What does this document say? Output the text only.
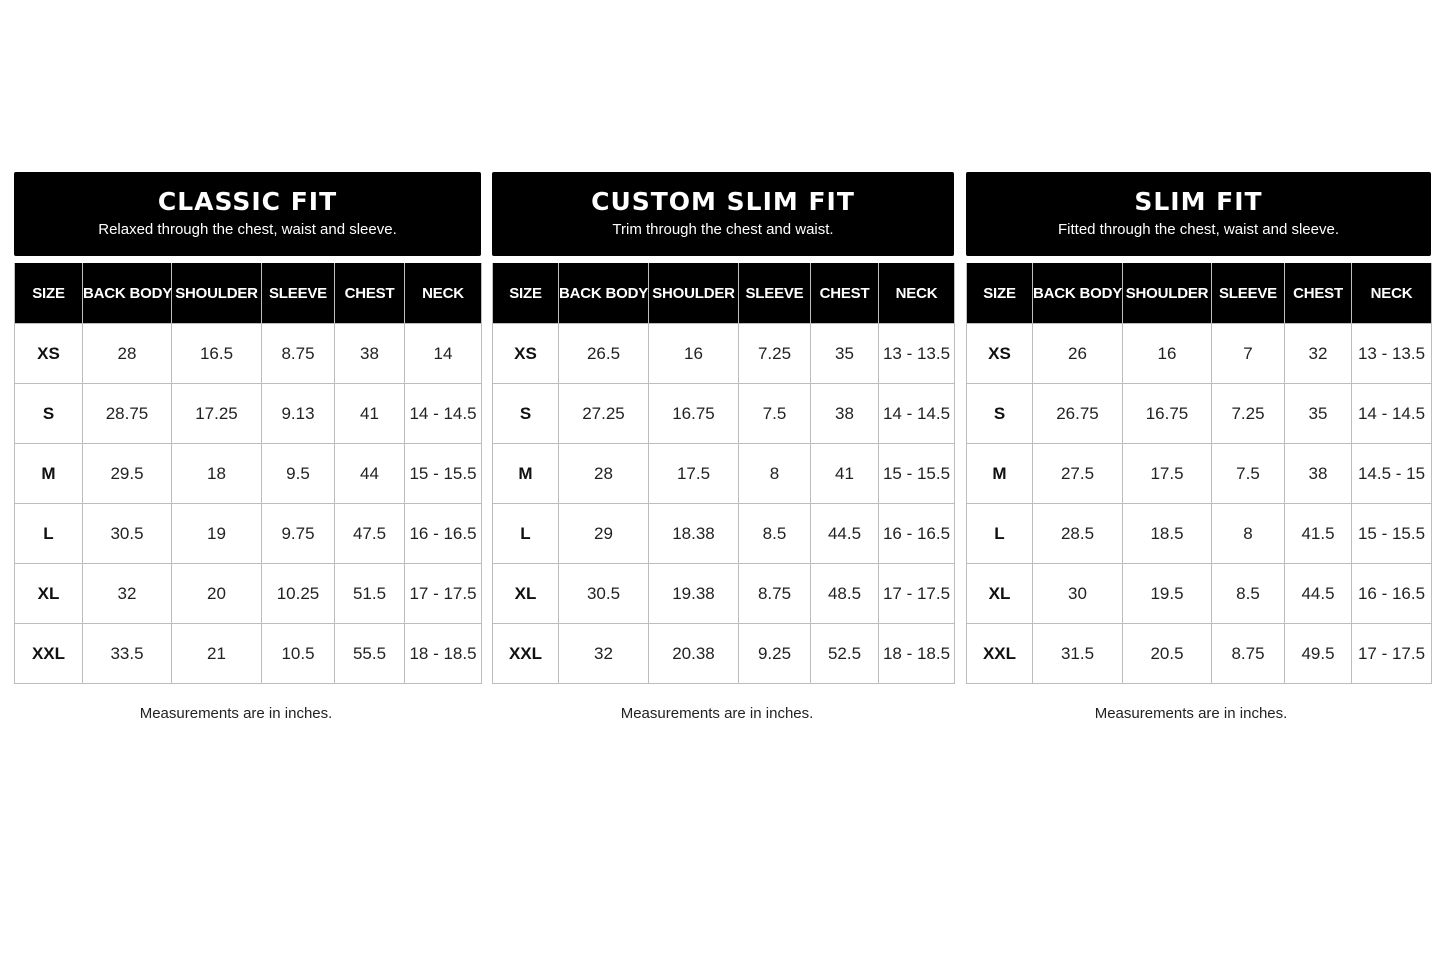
CLASSIC FIT
Relaxed through the chest, waist and sleeve.
SIZE	BACK BODY	SHOULDER	SLEEVE	CHEST	NECK
XS	28	16.5	8.75	38	14
S	28.75	17.25	9.13	41	14 - 14.5
M	29.5	18	9.5	44	15 - 15.5
L	30.5	19	9.75	47.5	16 - 16.5
XL	32	20	10.25	51.5	17 - 17.5
XXL	33.5	21	10.5	55.5	18 - 18.5
CUSTOM SLIM FIT
Trim through the chest and waist.
SIZE	BACK BODY	SHOULDER	SLEEVE	CHEST	NECK
XS	26.5	16	7.25	35	13 - 13.5
S	27.25	16.75	7.5	38	14 - 14.5
M	28	17.5	8	41	15 - 15.5
L	29	18.38	8.5	44.5	16 - 16.5
XL	30.5	19.38	8.75	48.5	17 - 17.5
XXL	32	20.38	9.25	52.5	18 - 18.5
SLIM FIT
Fitted through the chest, waist and sleeve.
SIZE	BACK BODY	SHOULDER	SLEEVE	CHEST	NECK
XS	26	16	7	32	13 - 13.5
S	26.75	16.75	7.25	35	14 - 14.5
M	27.5	17.5	7.5	38	14.5 - 15
L	28.5	18.5	8	41.5	15 - 15.5
XL	30	19.5	8.5	44.5	16 - 16.5
XXL	31.5	20.5	8.75	49.5	17 - 17.5
Measurements are in inches.	Measurements are in inches.	Measurements are in inches.
